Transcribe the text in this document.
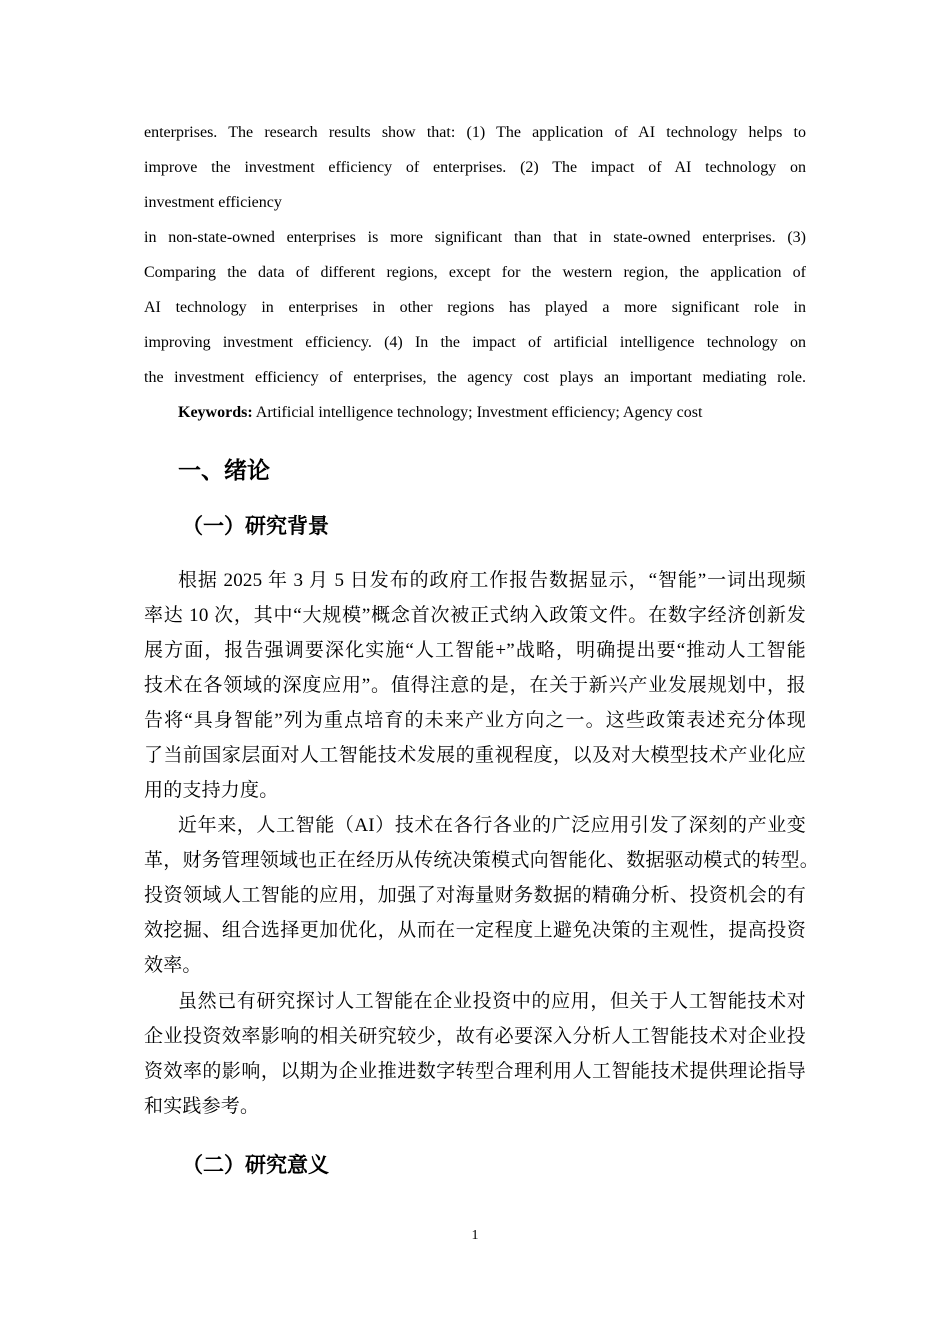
enterprises. The research results show that: (1) The application of AI technology helps to
improve the investment efficiency of enterprises. (2) The impact of AI technology on
investment efficiency
in non-state-owned enterprises is more significant than that in state-owned enterprises. (3)
Comparing the data of different regions, except for the western region, the application of
AI technology in enterprises in other regions has played a more significant role in
improving investment efficiency. (4) In the impact of artificial intelligence technology on
the investment efficiency of enterprises, the agency cost plays an important mediating role.
Keywords: Artificial intelligence technology; Investment efficiency; Agency cost
一、绪论
（一）研究背景
根据 2025 年 3 月 5 日发布的政府工作报告数据显示，“智能”一词出现频
率达 10 次，其中“大规模”概念首次被正式纳入政策文件。在数字经济创新发
展方面，报告强调要深化实施“人工智能+”战略，明确提出要“推动人工智能
技术在各领域的深度应用”。值得注意的是，在关于新兴产业发展规划中，报
告将“具身智能”列为重点培育的未来产业方向之一。这些政策表述充分体现
了当前国家层面对人工智能技术发展的重视程度，以及对大模型技术产业化应
用的支持力度。
近年来，人工智能（AI）技术在各行各业的广泛应用引发了深刻的产业变
革，财务管理领域也正在经历从传统决策模式向智能化、数据驱动模式的转型。
投资领域人工智能的应用，加强了对海量财务数据的精确分析、投资机会的有
效挖掘、组合选择更加优化，从而在一定程度上避免决策的主观性，提高投资
效率。
虽然已有研究探讨人工智能在企业投资中的应用，但关于人工智能技术对
企业投资效率影响的相关研究较少，故有必要深入分析人工智能技术对企业投
资效率的影响，以期为企业推进数字转型合理利用人工智能技术提供理论指导
和实践参考。
（二）研究意义
1
